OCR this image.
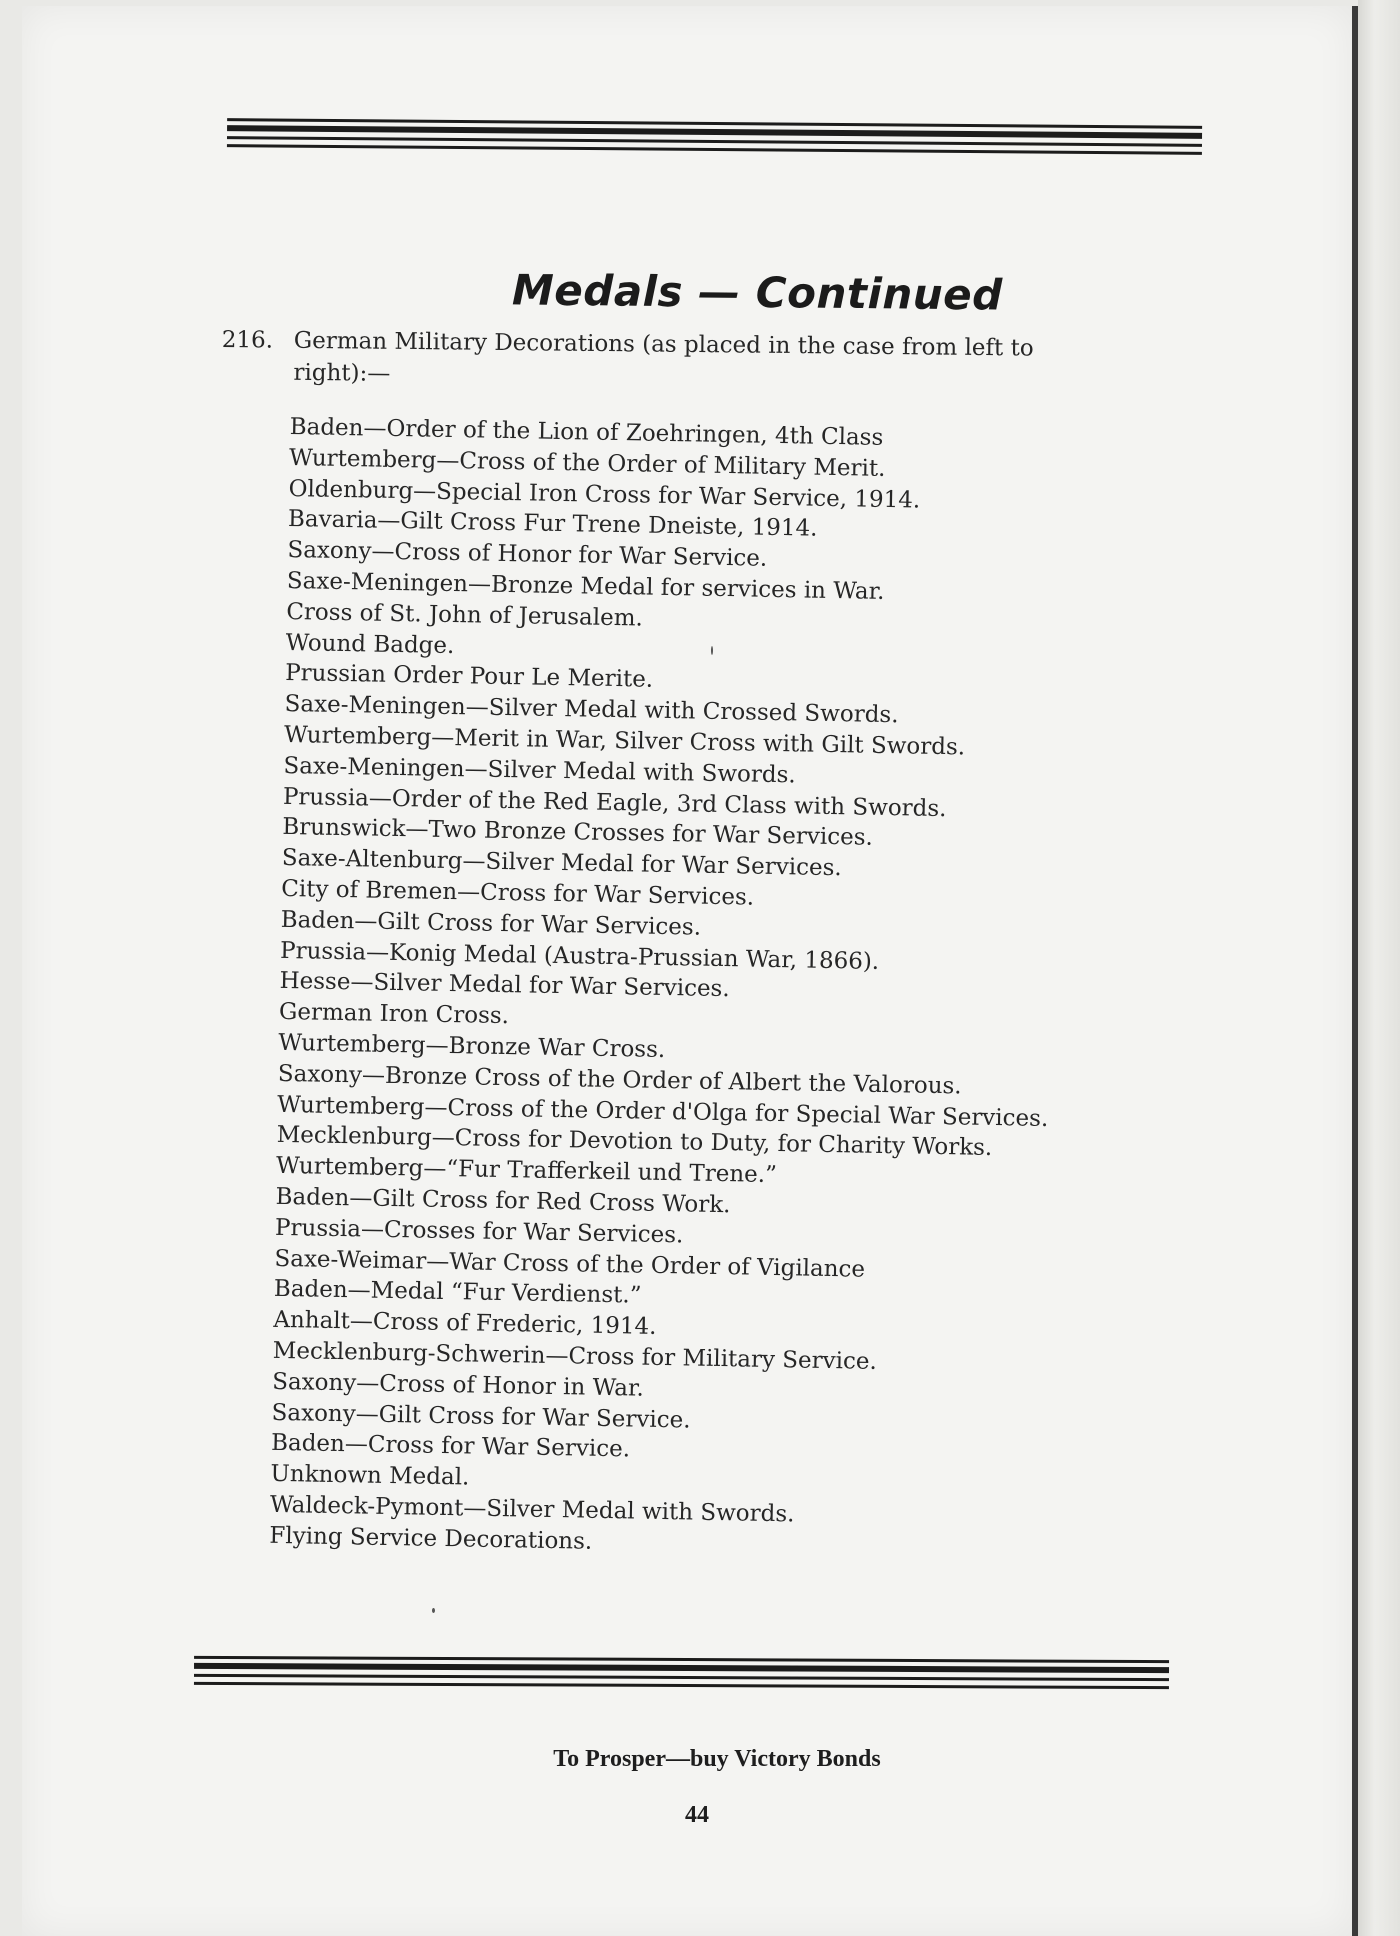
Medals — Continued
216. German Military Decorations (as placed in the case from left to
right):—
Baden—Order of the Lion of Zoehringen, 4th Class
Wurtemberg—Cross of the Order of Military Merit.
Oldenburg—Special Iron Cross for War Service, 1914.
Bavaria—Gilt Cross Fur Trene Dneiste, 1914.
Saxony—Cross of Honor for War Service.
Saxe-Meningen—Bronze Medal for services in War.
Cross of St. John of Jerusalem.
Wound Badge.
Prussian Order Pour Le Merite.
Saxe-Meningen—Silver Medal with Crossed Swords.
Wurtemberg—Merit in War, Silver Cross with Gilt Swords.
Saxe-Meningen—Silver Medal with Swords.
Prussia—Order of the Red Eagle, 3rd Class with Swords.
Brunswick—Two Bronze Crosses for War Services.
Saxe-Altenburg—Silver Medal for War Services.
City of Bremen—Cross for War Services.
Baden—Gilt Cross for War Services.
Prussia—Konig Medal (Austra-Prussian War, 1866).
Hesse—Silver Medal for War Services.
German Iron Cross.
Wurtemberg—Bronze War Cross.
Saxony—Bronze Cross of the Order of Albert the Valorous.
Wurtemberg—Cross of the Order d'Olga for Special War Services.
Mecklenburg—Cross for Devotion to Duty, for Charity Works.
Wurtemberg—“Fur Trafferkeil und Trene.”
Baden—Gilt Cross for Red Cross Work.
Prussia—Crosses for War Services.
Saxe-Weimar—War Cross of the Order of Vigilance
Baden—Medal “Fur Verdienst.”
Anhalt—Cross of Frederic, 1914.
Mecklenburg-Schwerin—Cross for Military Service.
Saxony—Cross of Honor in War.
Saxony—Gilt Cross for War Service.
Baden—Cross for War Service.
Unknown Medal.
Waldeck-Pymont—Silver Medal with Swords.
Flying Service Decorations.
To Prosper—buy Victory Bonds
44
